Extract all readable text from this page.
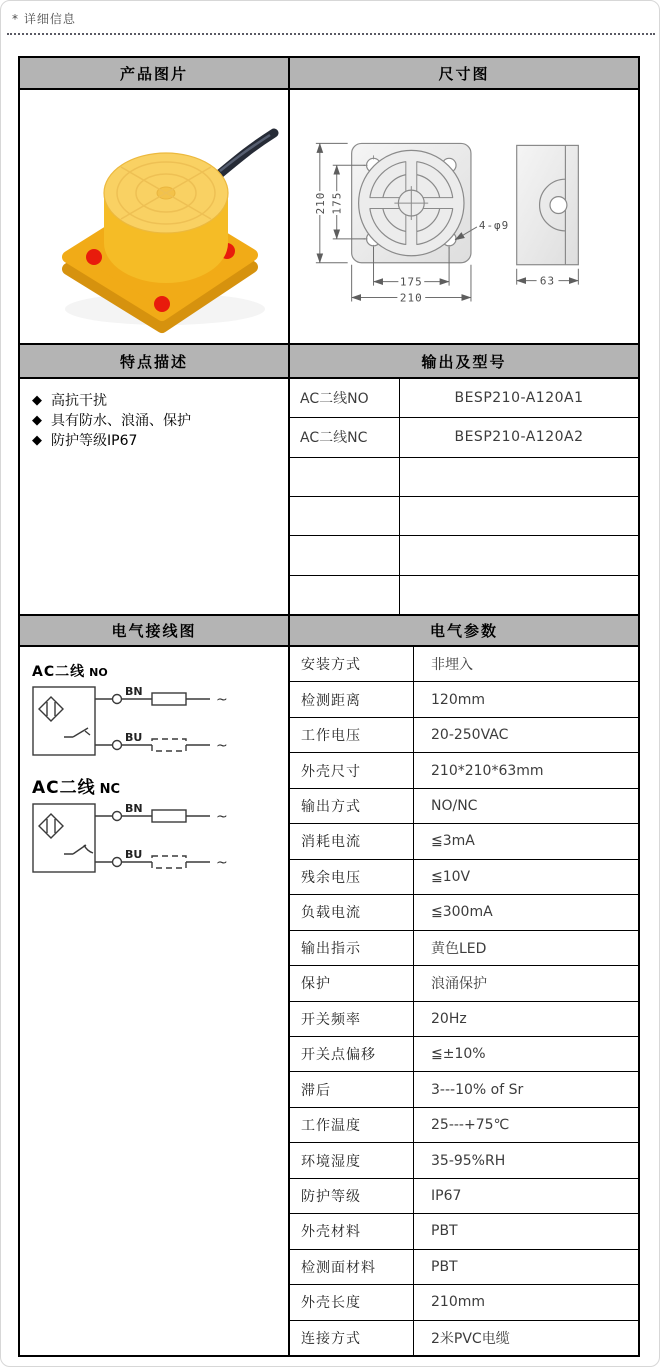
* 详细信息
产品图片	尺寸图
210 175
175
210
4-φ9
63
特点描述	输出及型号
◆ 高抗干扰
◆ 具有防水、浪涌、保护
◆ 防护等级IP67
AC二线NO	BESP210-A120A1
AC二线NC	BESP210-A120A2
电气接线图	电气参数
AC二线 NO
BN
BU
~
~
AC二线 NC
BN
BU
~
~
安装方式	非埋入
检测距离	120mm
工作电压	20-250VAC
外壳尺寸	210*210*63mm
输出方式	NO/NC
消耗电流	≦3mA
残余电压	≦10V
负载电流	≦300mA
输出指示	黄色LED
保护	浪涌保护
开关频率	20Hz
开关点偏移	≦±10%
滞后	3---10% of Sr
工作温度	25---+75℃
环境湿度	35-95%RH
防护等级	IP67
外壳材料	PBT
检测面材料	PBT
外壳长度	210mm
连接方式	2米PVC电缆
